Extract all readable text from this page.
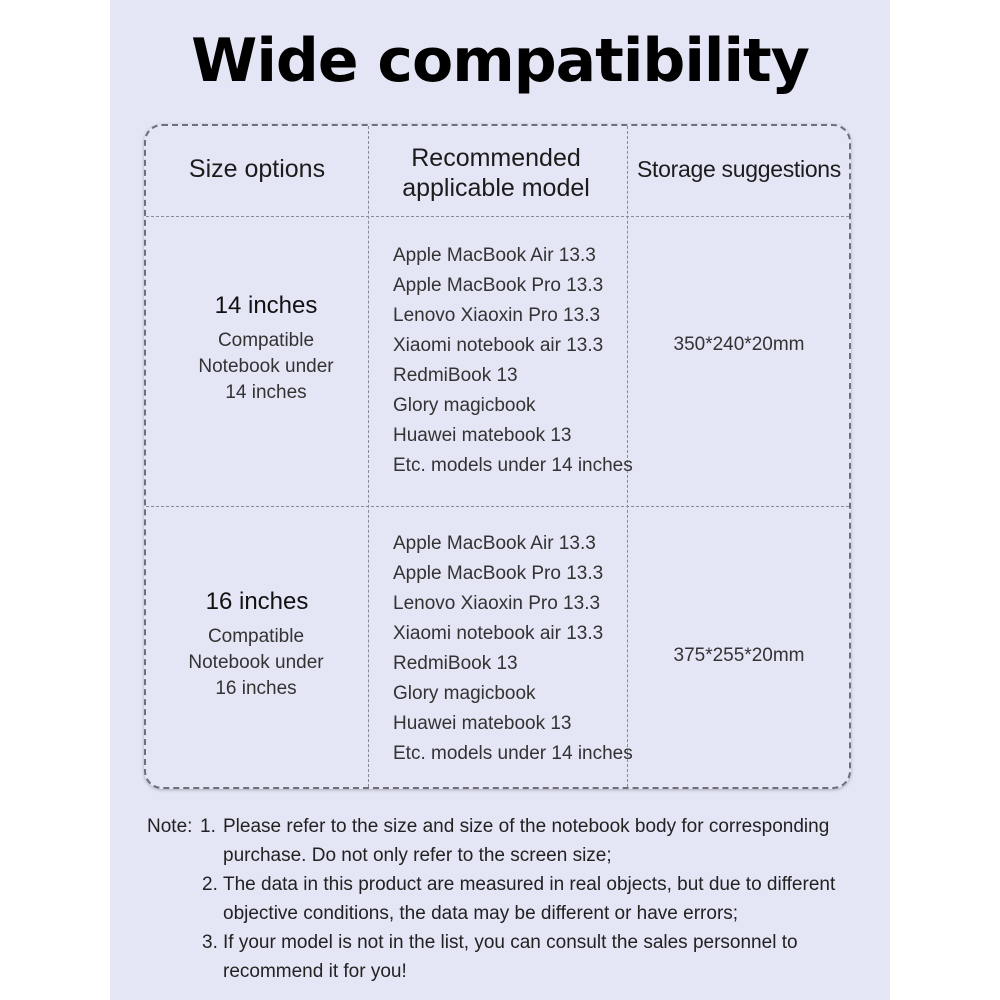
Wide compatibility
Size options	Recommended applicable model
Storage suggestions
14 inches
Compatible Notebook under 14 inches
Apple MacBook Air 13.3
Apple MacBook Pro 13.3
Lenovo Xiaoxin Pro 13.3
Xiaomi notebook air 13.3
RedmiBook 13
Glory magicbook
Huawei matebook 13
Etc. models under 14 inches
350*240*20mm
16 inches
Compatible Notebook under 16 inches
Apple MacBook Air 13.3
Apple MacBook Pro 13.3
Lenovo Xiaoxin Pro 13.3
Xiaomi notebook air 13.3
RedmiBook 13
Glory magicbook
Huawei matebook 13
Etc. models under 14 inches
375*255*20mm
Note: 1. Please refer to the size and size of the notebook body for corresponding purchase. Do not only refer to the screen size;
2. The data in this product are measured in real objects, but due to different objective conditions, the data may be different or have errors;
3. If your model is not in the list, you can consult the sales personnel to recommend it for you!
